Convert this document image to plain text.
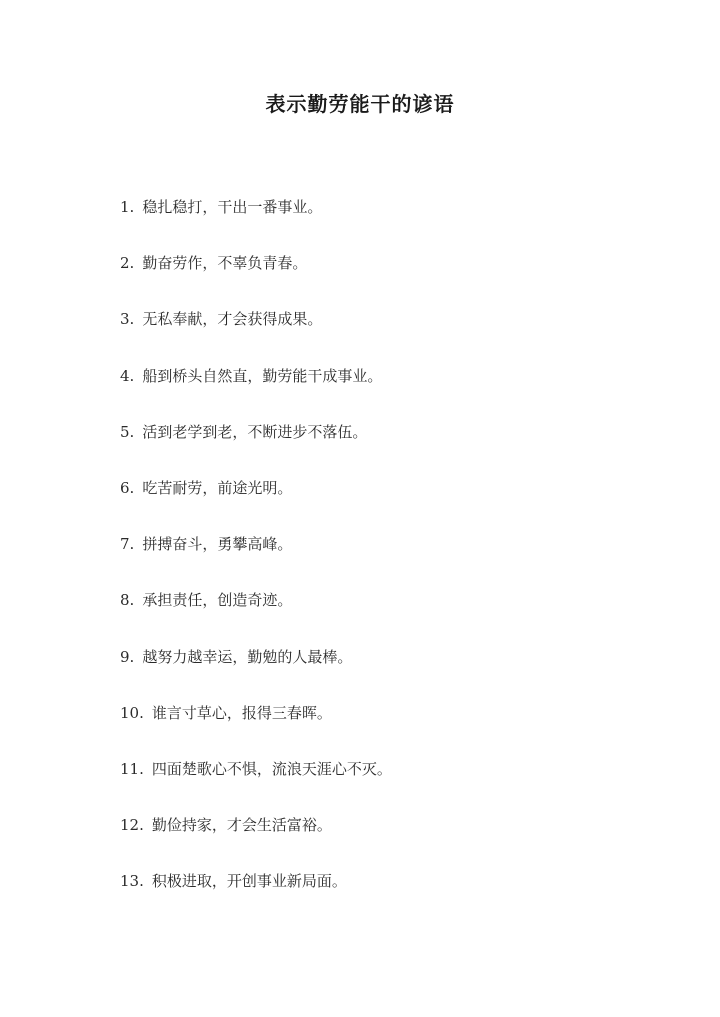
表示勤劳能干的谚语
1. 稳扎稳打，干出一番事业。
2. 勤奋劳作，不辜负青春。
3. 无私奉献，才会获得成果。
4. 船到桥头自然直，勤劳能干成事业。
5. 活到老学到老，不断进步不落伍。
6. 吃苦耐劳，前途光明。
7. 拼搏奋斗，勇攀高峰。
8. 承担责任，创造奇迹。
9. 越努力越幸运，勤勉的人最棒。
10. 谁言寸草心，报得三春晖。
11. 四面楚歌心不惧，流浪天涯心不灭。
12. 勤俭持家，才会生活富裕。
13. 积极进取，开创事业新局面。
